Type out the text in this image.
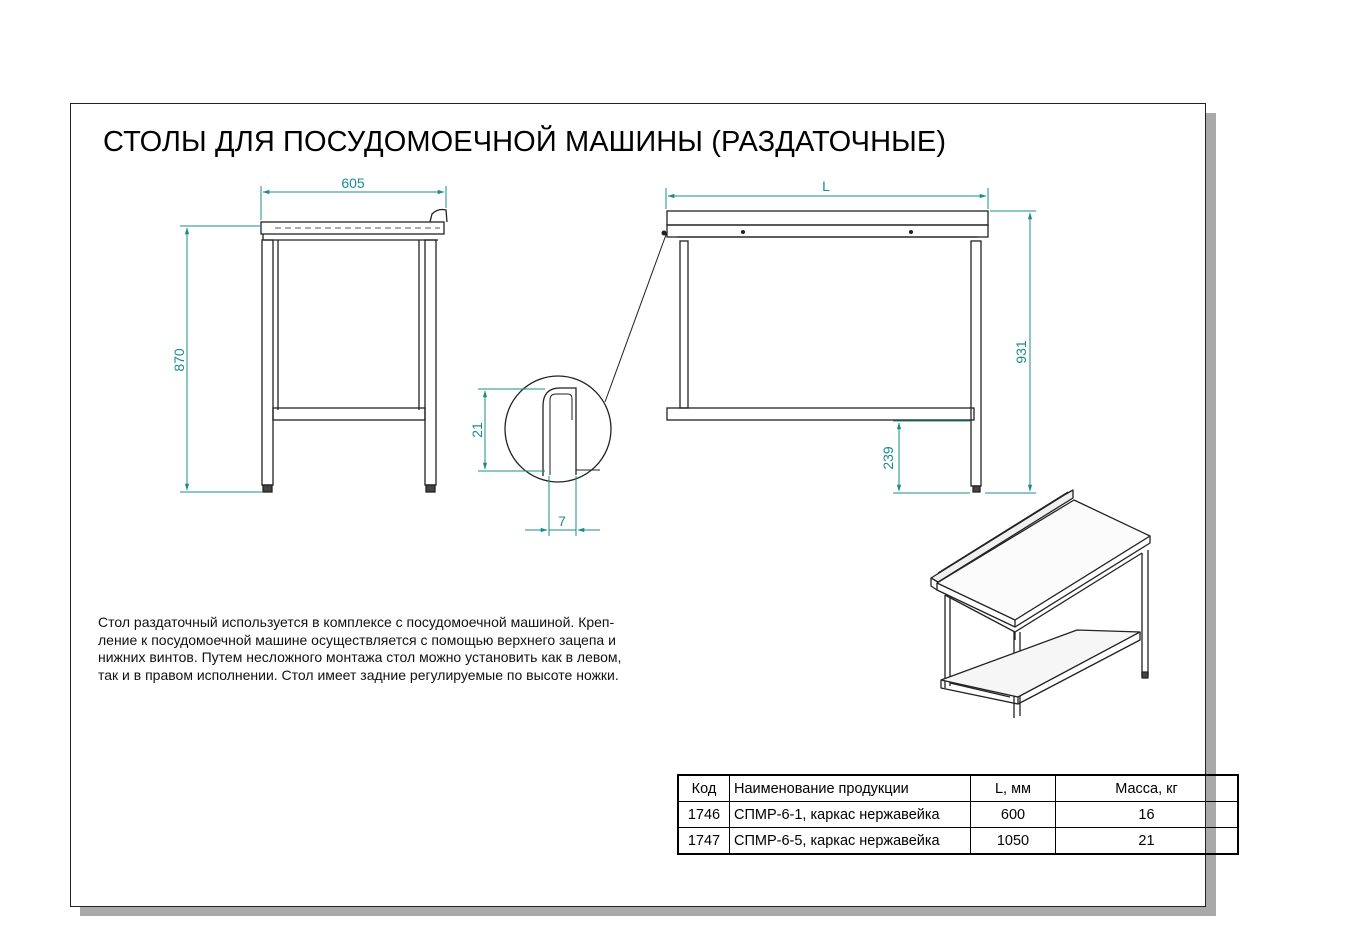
СТОЛЫ ДЛЯ ПОСУДОМОЕЧНОЙ МАШИНЫ (РАЗДАТОЧНЫЕ)
605
870
21
7
L
931
239
Стол раздаточный используется в комплексе с посудомоечной машиной. Креп-
ление к посудомоечной машине осуществляется с помощью верхнего зацепа и
нижних винтов. Путем несложного монтажа стол можно установить как в левом,
так и в правом исполнении. Стол имеет задние регулируемые по высоте ножки.
Код	Наименование продукции	L, мм	Масса, кг
1746	СПМР-6-1, каркас нержавейка	600	16
1747	СПМР-6-5, каркас нержавейка	1050	21
